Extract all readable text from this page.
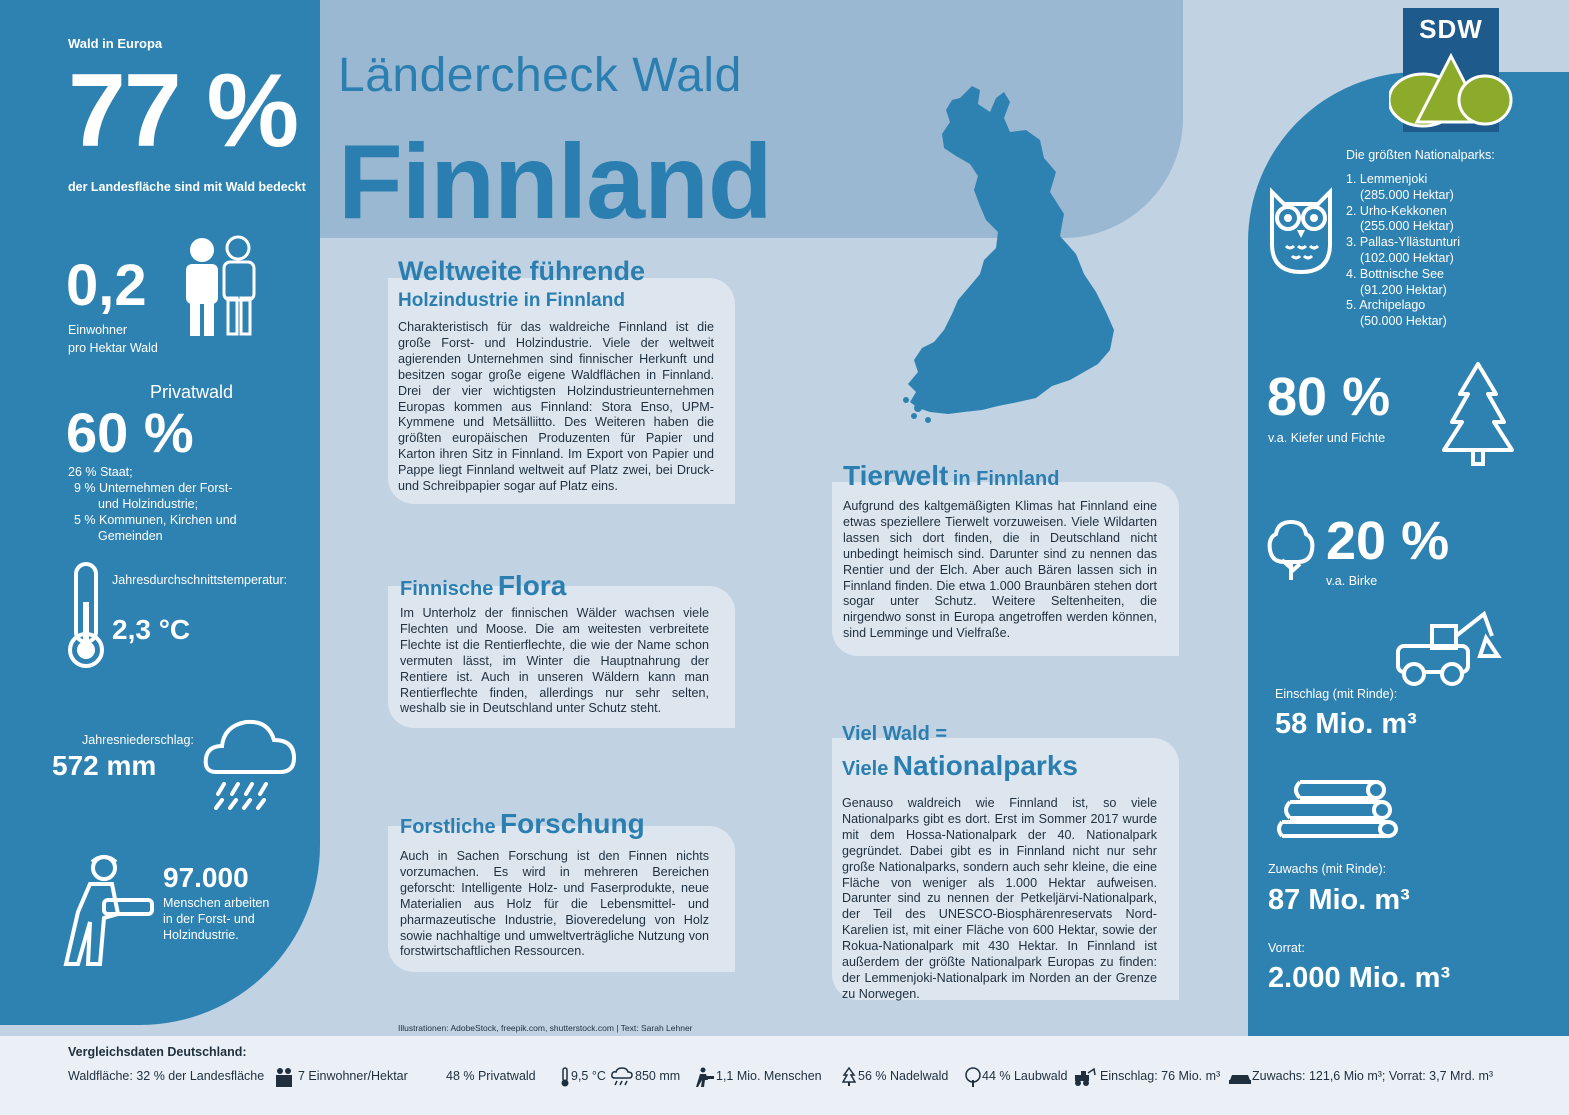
Ländercheck Wald
Finnland
SDW
Wald in Europa
77 %
der Landesfläche sind mit Wald bedeckt
0,2
Einwohner
pro Hektar Wald
Privatwald
60 %
26 % Staat;
9 % Unternehmen der Forst-
und Holzindustrie;
5 % Kommunen, Kirchen und
Gemeinden
Jahresdurchschnittstemperatur:
2,3 °C
Jahresniederschlag:
572 mm
97.000
Menschen arbeiten
in der Forst- und
Holzindustrie.
Weltweite führende
Holzindustrie in Finnland
Charakteristisch für das waldreiche Finnland ist die große Forst- und Holzindustrie. Viele der weltweit agierenden Unternehmen sind finnischer Herkunft und besitzen sogar große eigene Waldflächen in Finnland. Drei der vier wichtigsten Holzindustrieunternehmen Europas kommen aus Finnland: Stora Enso, UPM-Kymmene und Metsälliitto. Des Weiteren haben die größten europäischen Produzenten für Papier und Karton ihren Sitz in Finnland. Im Export von Papier und Pappe liegt Finnland weltweit auf Platz zwei, bei Druck- und Schreibpapier sogar auf Platz eins.
Finnische Flora
Im Unterholz der finnischen Wälder wachsen viele Flechten und Moose. Die am weitesten verbreitete Flechte ist die Rentierflechte, die wie der Name schon vermuten lässt, im Winter die Hauptnahrung der Rentiere ist. Auch in unseren Wäldern kann man Rentierflechte finden, allerdings nur sehr selten, weshalb sie in Deutschland unter Schutz steht.
Forstliche Forschung
Auch in Sachen Forschung ist den Finnen nichts vorzumachen. Es wird in mehreren Bereichen geforscht: Intelligente Holz- und Faserprodukte, neue Materialien aus Holz für die Lebensmittel- und pharmazeutische Industrie, Bioveredelung von Holz sowie nachhaltige und umweltverträgliche Nutzung von forstwirtschaftlichen Ressourcen.
Tierwelt in Finnland
Aufgrund des kaltgemäßigten Klimas hat Finnland eine etwas speziellere Tierwelt vorzuweisen. Viele Wildarten lassen sich dort finden, die in Deutschland nicht unbedingt heimisch sind. Darunter sind zu nennen das Rentier und der Elch. Aber auch Bären lassen sich in Finnland finden. Die etwa 1.000 Braunbären stehen dort sogar unter Schutz. Weitere Seltenheiten, die nirgendwo sonst in Europa angetroffen werden können, sind Lemminge und Vielfraße.
Viel Wald =
Viele Nationalparks
Genauso waldreich wie Finnland ist, so viele Nationalparks gibt es dort. Erst im Sommer 2017 wurde mit dem Hossa-Nationalpark der 40. Nationalpark gegründet. Dabei gibt es in Finnland nicht nur sehr große Nationalparks, sondern auch sehr kleine, die eine Fläche von weniger als 1.000 Hektar aufweisen. Darunter sind zu nennen der Petkeljärvi-Nationalpark, der Teil des UNESCO-Biosphärenreservats Nord-Karelien ist, mit einer Fläche von 600 Hektar, sowie der Rokua-Nationalpark mit 430 Hektar. In Finnland ist außerdem der größte Nationalpark Europas zu finden: der Lemmenjoki-Nationalpark im Norden an der Grenze zu Norwegen.
Illustrationen: AdobeStock, freepik.com, shutterstock.com | Text: Sarah Lehner
Die größten Nationalparks:
1. Lemmenjoki
(285.000 Hektar)
2. Urho-Kekkonen
(255.000 Hektar)
3. Pallas-Yllästunturi
(102.000 Hektar)
4. Bottnische See
(91.200 Hektar)
5. Archipelago
(50.000 Hektar)
80 %
v.a. Kiefer und Fichte
20 %
v.a. Birke
Einschlag (mit Rinde):
58 Mio. m³
Zuwachs (mit Rinde):
87 Mio. m³
Vorrat:
2.000 Mio. m³
Vergleichsdaten Deutschland:
Waldfläche: 32 % der Landesfläche	7 Einwohner/Hektar	48 % Privatwald	9,5 °C 850 mm	1,1 Mio. Menschen	56 % Nadelwald	44 % Laubwald	Einschlag: 76 Mio. m³	Zuwachs: 121,6 Mio m³; Vorrat: 3,7 Mrd. m³
